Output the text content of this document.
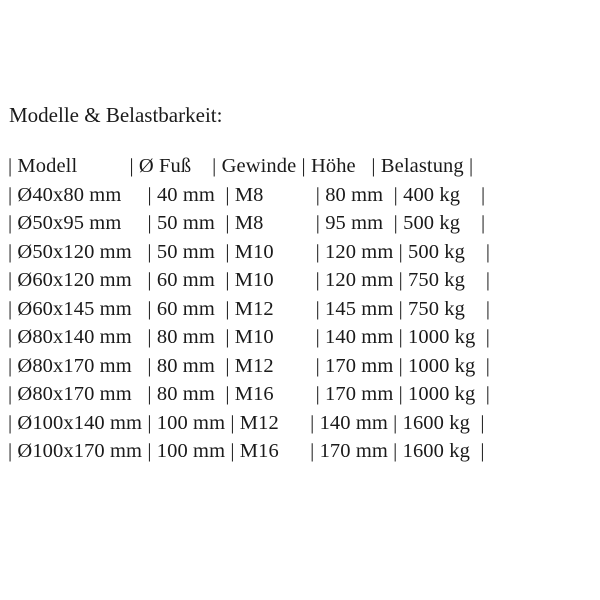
Modelle & Belastbarkeit:
| Modell          | Ø Fuß    | Gewinde | Höhe   | Belastung |
| Ø40x80 mm     | 40 mm  | M8          | 80 mm  | 400 kg    |
| Ø50x95 mm     | 50 mm  | M8          | 95 mm  | 500 kg    |
| Ø50x120 mm   | 50 mm  | M10        | 120 mm | 500 kg    |
| Ø60x120 mm   | 60 mm  | M10        | 120 mm | 750 kg    |
| Ø60x145 mm   | 60 mm  | M12        | 145 mm | 750 kg    |
| Ø80x140 mm   | 80 mm  | M10        | 140 mm | 1000 kg  |
| Ø80x170 mm   | 80 mm  | M12        | 170 mm | 1000 kg  |
| Ø80x170 mm   | 80 mm  | M16        | 170 mm | 1000 kg  |
| Ø100x140 mm | 100 mm | M12      | 140 mm | 1600 kg  |
| Ø100x170 mm | 100 mm | M16      | 170 mm | 1600 kg  |
